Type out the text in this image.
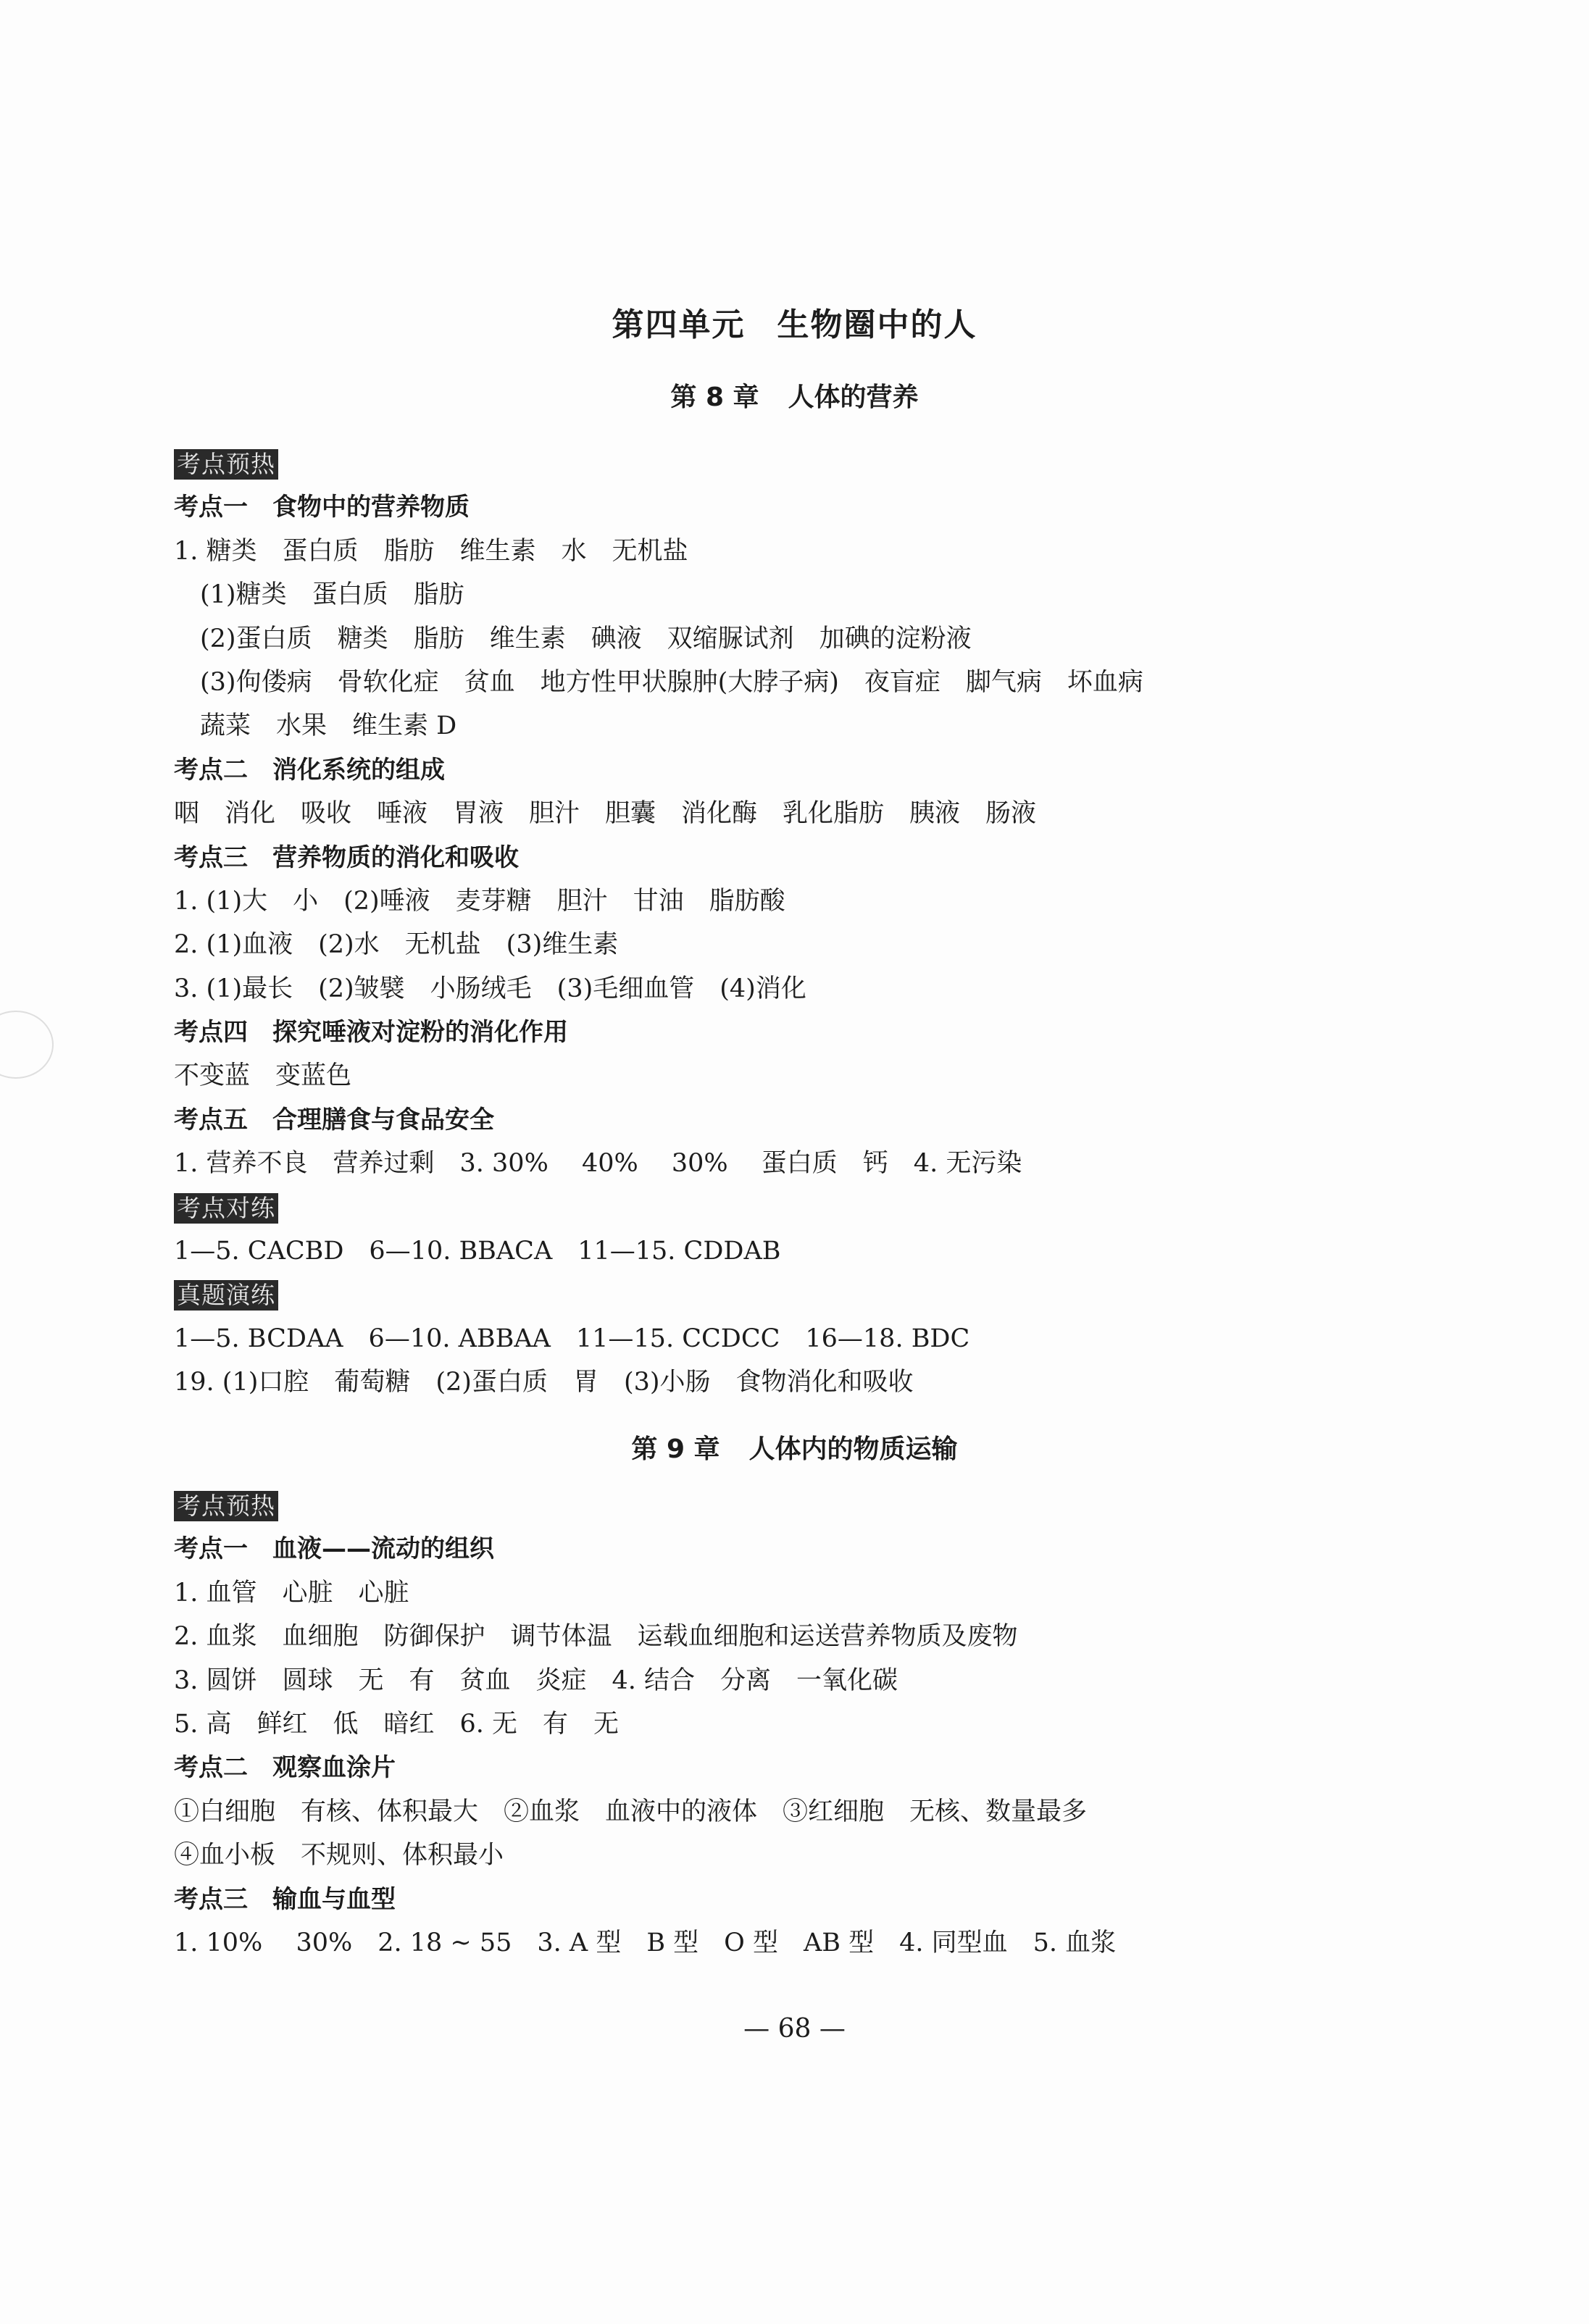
第四单元 生物圈中的人
第 8 章 人体的营养
考点预热
考点一　食物中的营养物质
1. 糖类　蛋白质　脂肪　维生素　水　无机盐
(1)糖类　蛋白质　脂肪
(2)蛋白质　糖类　脂肪　维生素　碘液　双缩脲试剂　加碘的淀粉液
(3)佝偻病　骨软化症　贫血　地方性甲状腺肿(大脖子病)　夜盲症　脚气病　坏血病
蔬菜　水果　维生素 D
考点二　消化系统的组成
咽　消化　吸收　唾液　胃液　胆汁　胆囊　消化酶　乳化脂肪　胰液　肠液
考点三　营养物质的消化和吸收
1. (1)大　小　(2)唾液　麦芽糖　胆汁　甘油　脂肪酸
2. (1)血液　(2)水　无机盐　(3)维生素
3. (1)最长　(2)皱襞　小肠绒毛　(3)毛细血管　(4)消化
考点四　探究唾液对淀粉的消化作用
不变蓝　变蓝色
考点五　合理膳食与食品安全
1. 营养不良　营养过剩　3. 30%　 40%　 30%　 蛋白质　钙　4. 无污染
考点对练
1—5. CACBD　6—10. BBACA　11—15. CDDAB
真题演练
1—5. BCDAA　6—10. ABBAA　11—15. CCDCC　16—18. BDC
19. (1)口腔　葡萄糖　(2)蛋白质　胃　(3)小肠　食物消化和吸收
第 9 章 人体内的物质运输
考点预热
考点一　血液——流动的组织
1. 血管　心脏　心脏
2. 血浆　血细胞　防御保护　调节体温　运载血细胞和运送营养物质及废物
3. 圆饼　圆球　无　有　贫血　炎症　4. 结合　分离　一氧化碳
5. 高　鲜红　低　暗红　6. 无　有　无
考点二　观察血涂片
①白细胞　有核、体积最大　②血浆　血液中的液体　③红细胞　无核、数量最多
④血小板　不规则、体积最小
考点三　输血与血型
1. 10%　 30%　2. 18 ~ 55　3. A 型　B 型　O 型　AB 型　4. 同型血　5. 血浆
— 68 —
